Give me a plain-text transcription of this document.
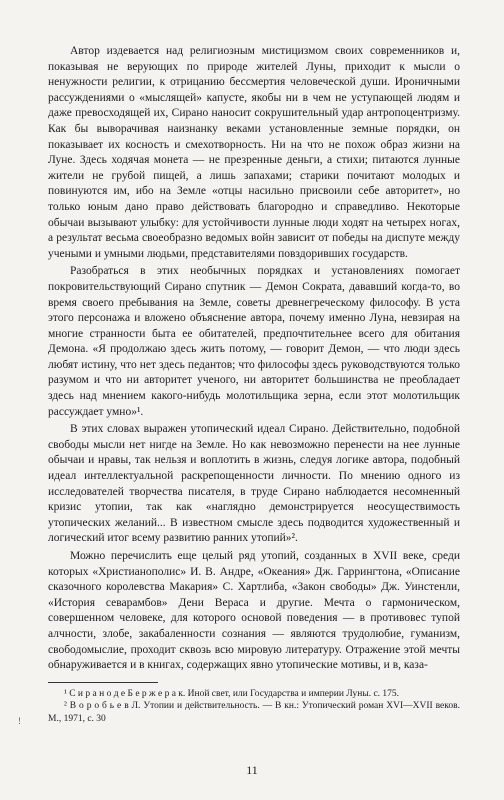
Автор издевается над религиозным мистицизмом своих современников и, показывая не верующих по природе жителей Луны, приходит к мысли о ненужности религии, к отрицанию бессмертия человеческой души. Ироничными рассуждениями о «мыслящей» капусте, якобы ни в чем не уступающей людям и даже превосходящей их, Сирано наносит сокрушительный удар антропоцентризму. Как бы выворачивая наизнанку веками установленные земные порядки, он показывает их косность и смехотворность. Ни на что не похож образ жизни на Луне. Здесь ходячая монета — не презренные деньги, а стихи; питаются лунные жители не грубой пищей, а лишь запахами; старики почитают молодых и повинуются им, ибо на Земле «отцы насильно присвоили себе авторитет», но только юным дано право действовать благородно и справедливо. Некоторые обычаи вызывают улыбку: для устойчивости лунные люди ходят на четырех ногах, а результат весьма своеобразно ведомых войн зависит от победы на диспуте между учеными и умными людьми, представителями повздоривших государств.

Разобраться в этих необычных порядках и установлениях помогает покровительствующий Сирано спутник — Демон Сократа, дававший когда-то, во время своего пребывания на Земле, советы древнегреческому философу. В уста этого персонажа и вложено объяснение автора, почему именно Луна, невзирая на многие странности быта ее обитателей, предпочтительнее всего для обитания Демона. «Я продолжаю здесь жить потому, — говорит Демон, — что люди здесь любят истину, что нет здесь педантов; что философы здесь руководствуются только разумом и что ни авторитет ученого, ни авторитет большинства не преобладает здесь над мнением какого-нибудь молотильщика зерна, если этот молотильщик рассуждает умно»¹.

В этих словах выражен утопический идеал Сирано. Действительно, подобной свободы мысли нет нигде на Земле. Но как невозможно перенести на нее лунные обычаи и нравы, так нельзя и воплотить в жизнь, следуя логике автора, подобный идеал интеллектуальной раскрепощенности личности. По мнению одного из исследователей творчества писателя, в труде Сирано наблюдается несомненный кризис утопии, так как «наглядно демонстрируется неосуществимость утопических желаний... В известном смысле здесь подводится художественный и логический итог всему развитию ранних утопий»².

Можно перечислить еще целый ряд утопий, созданных в XVII веке, среди которых «Христианополис» И. В. Андре, «Океания» Дж. Гаррингтона, «Описание сказочного королевства Макария» С. Хартлиба, «Закон свободы» Дж. Уинстенли, «История севарамбов» Дени Вераса и другие. Мечта о гармоническом, совершенном человеке, для которого основой поведения — в противовес тупой алчности, злобе, закабаленности сознания — являются трудолюбие, гуманизм, свободомыслие, проходит сквозь всю мировую литературу. Отражение этой мечты обнаруживается и в книгах, содержащих явно утопические мотивы, и в, каза-

¹ С и р а н о д е Б е р ж е р а к. Иной свет, или Государства и империи Луны. с. 175.

² В о р о б ь е в Л. Утопии и действительность. — В кн.: Утопический роман XVI—XVII веков. М., 1971, с. 30

!
11
